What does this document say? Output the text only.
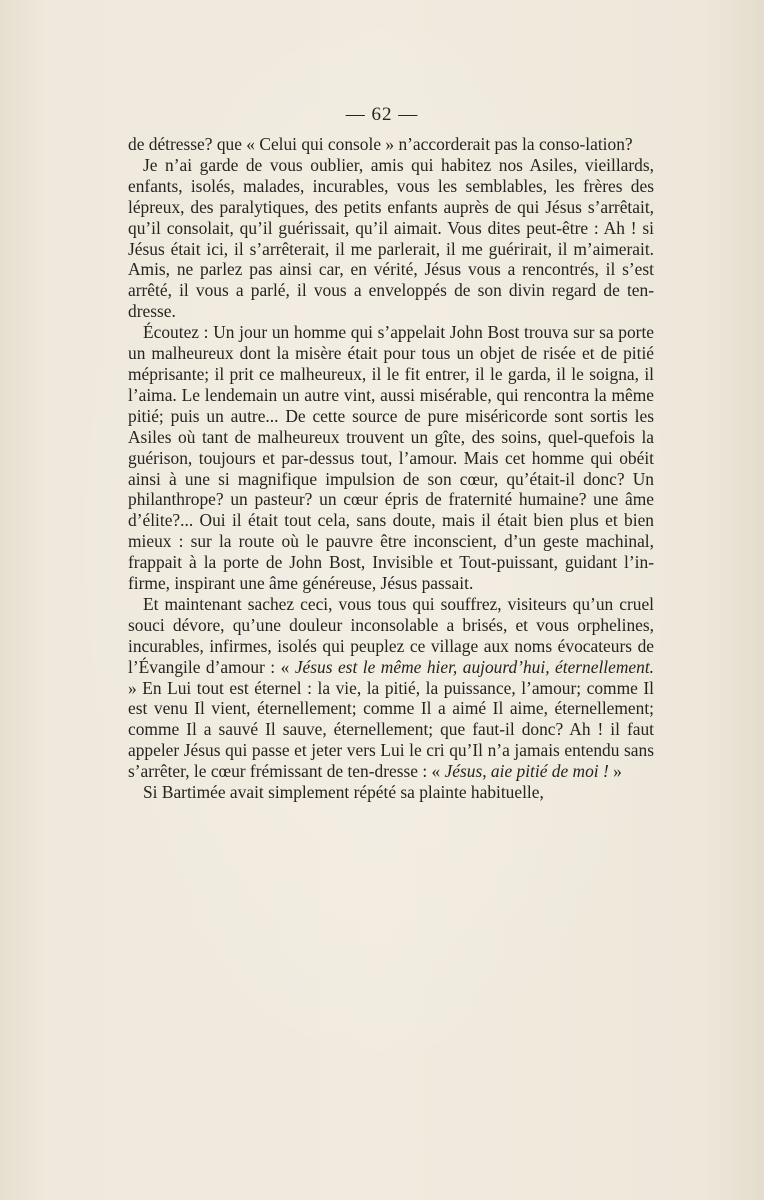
— 62 —

de détresse? que « Celui qui console » n’accorderait pas la conso-lation?

Je n’ai garde de vous oublier, amis qui habitez nos Asiles, vieillards, enfants, isolés, malades, incurables, vous les semblables, les frères des lépreux, des paralytiques, des petits enfants auprès de qui Jésus s’arrêtait, qu’il consolait, qu’il guérissait, qu’il aimait. Vous dites peut-être : Ah ! si Jésus était ici, il s’arrêterait, il me parlerait, il me guérirait, il m’aimerait. Amis, ne parlez pas ainsi car, en vérité, Jésus vous a rencontrés, il s’est arrêté, il vous a parlé, il vous a enveloppés de son divin regard de ten-dresse.

Écoutez : Un jour un homme qui s’appelait John Bost trouva sur sa porte un malheureux dont la misère était pour tous un objet de risée et de pitié méprisante; il prit ce malheureux, il le fit entrer, il le garda, il le soigna, il l’aima. Le lendemain un autre vint, aussi misérable, qui rencontra la même pitié; puis un autre... De cette source de pure miséricorde sont sortis les Asiles où tant de malheureux trouvent un gîte, des soins, quel-quefois la guérison, toujours et par-dessus tout, l’amour. Mais cet homme qui obéit ainsi à une si magnifique impulsion de son cœur, qu’était-il donc? Un philanthrope? un pasteur? un cœur épris de fraternité humaine? une âme d’élite?... Oui il était tout cela, sans doute, mais il était bien plus et bien mieux : sur la route où le pauvre être inconscient, d’un geste machinal, frappait à la porte de John Bost, Invisible et Tout-puissant, guidant l’in-firme, inspirant une âme généreuse, Jésus passait.

Et maintenant sachez ceci, vous tous qui souffrez, visiteurs qu’un cruel souci dévore, qu’une douleur inconsolable a brisés, et vous orphelines, incurables, infirmes, isolés qui peuplez ce village aux noms évocateurs de l’Évangile d’amour : « Jésus est le même hier, aujourd’hui, éternellement. » En Lui tout est éternel : la vie, la pitié, la puissance, l’amour; comme Il est venu Il vient, éternellement; comme Il a aimé Il aime, éternellement; comme Il a sauvé Il sauve, éternellement; que faut-il donc? Ah ! il faut appeler Jésus qui passe et jeter vers Lui le cri qu’Il n’a jamais entendu sans s’arrêter, le cœur frémissant de ten-dresse : « Jésus, aie pitié de moi ! »

Si Bartimée avait simplement répété sa plainte habituelle,
